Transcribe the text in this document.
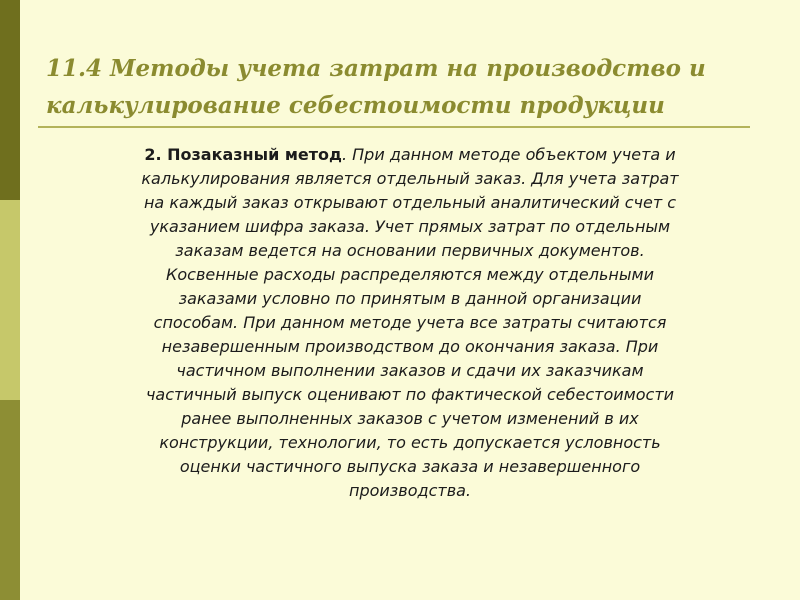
11.4 Методы учета затрат на производство и
калькулирование себестоимости продукции

2. Позаказный метод. При данном методе объектом учета и
калькулирования является отдельный заказ. Для учета затрат
на каждый заказ открывают отдельный аналитический счет с
указанием шифра заказа. Учет прямых затрат по отдельным
заказам ведется на основании первичных документов.
Косвенные расходы распределяются между отдельными
заказами условно по принятым в данной организации
способам. При данном методе учета все затраты считаются
незавершенным производством до окончания заказа. При
частичном выполнении заказов и сдачи их заказчикам
частичный выпуск оценивают по фактической себестоимости
ранее выполненных заказов с учетом изменений в их
конструкции, технологии, то есть допускается условность
оценки частичного выпуска заказа и незавершенного
производства.
